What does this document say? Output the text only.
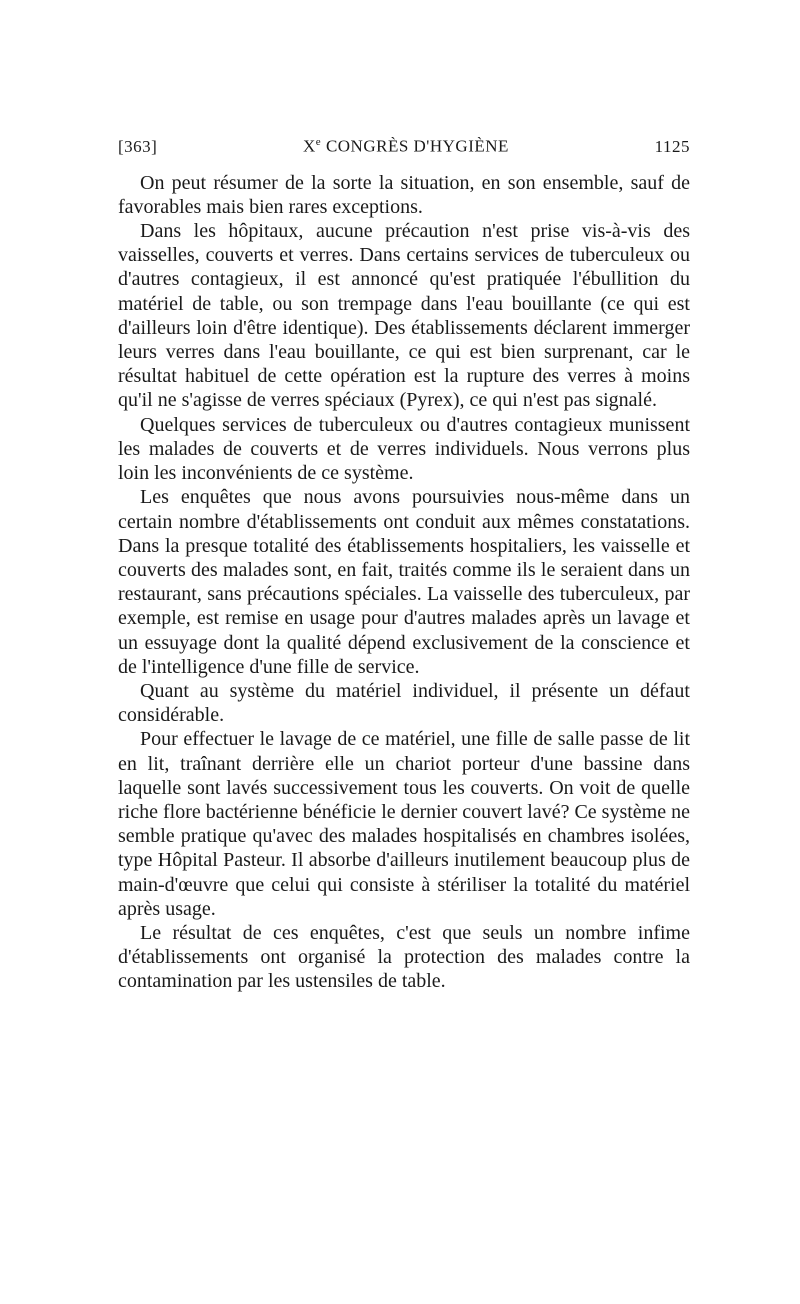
[363]	Xe CONGRÈS D'HYGIÈNE	1125

On peut résumer de la sorte la situation, en son ensemble, sauf de favorables mais bien rares exceptions.

Dans les hôpitaux, aucune précaution n'est prise vis-à-vis des vaisselles, couverts et verres. Dans certains services de tuberculeux ou d'autres contagieux, il est annoncé qu'est pratiquée l'ébullition du matériel de table, ou son trempage dans l'eau bouillante (ce qui est d'ailleurs loin d'être identique). Des établissements déclarent immerger leurs verres dans l'eau bouillante, ce qui est bien surprenant, car le résultat habituel de cette opération est la rupture des verres à moins qu'il ne s'agisse de verres spéciaux (Pyrex), ce qui n'est pas signalé.

Quelques services de tuberculeux ou d'autres contagieux munissent les malades de couverts et de verres individuels. Nous verrons plus loin les inconvénients de ce système.

Les enquêtes que nous avons poursuivies nous-même dans un certain nombre d'établissements ont conduit aux mêmes constatations. Dans la presque totalité des établissements hospitaliers, les vaisselle et couverts des malades sont, en fait, traités comme ils le seraient dans un restaurant, sans précautions spéciales. La vaisselle des tuberculeux, par exemple, est remise en usage pour d'autres malades après un lavage et un essuyage dont la qualité dépend exclusivement de la conscience et de l'intelligence d'une fille de service.

Quant au système du matériel individuel, il présente un défaut considérable.

Pour effectuer le lavage de ce matériel, une fille de salle passe de lit en lit, traînant derrière elle un chariot porteur d'une bassine dans laquelle sont lavés successivement tous les couverts. On voit de quelle riche flore bactérienne bénéficie le dernier couvert lavé? Ce système ne semble pratique qu'avec des malades hospitalisés en chambres isolées, type Hôpital Pasteur. Il absorbe d'ailleurs inutilement beaucoup plus de main-d'œuvre que celui qui consiste à stériliser la totalité du matériel après usage.

Le résultat de ces enquêtes, c'est que seuls un nombre infime d'établissements ont organisé la protection des malades contre la contamination par les ustensiles de table.
